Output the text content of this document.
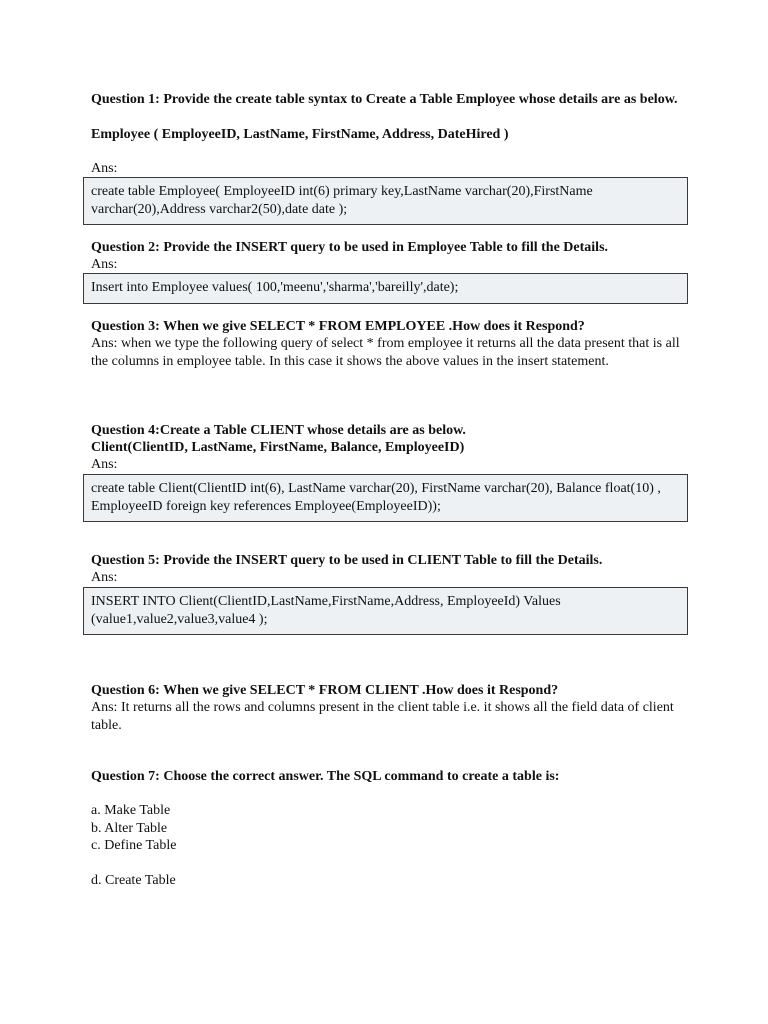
Question 1: Provide the create table syntax to Create a Table Employee whose details are as below.

Employee ( EmployeeID, LastName, FirstName, Address, DateHired )

Ans:

create table Employee( EmployeeID int(6) primary key,LastName varchar(20),FirstName varchar(20),Address varchar2(50),date date );

Question 2: Provide the INSERT query to be used in Employee Table to fill the Details.

Ans:

Insert into Employee values( 100,'meenu','sharma','bareilly',date);

Question 3: When we give SELECT * FROM EMPLOYEE .How does it Respond?

Ans: when we type the following query of select * from employee it returns all the data present that is all the columns in employee table. In this case it shows the above values in the insert statement.

Question 4:Create a Table CLIENT whose details are as below.

Client(ClientID, LastName, FirstName, Balance, EmployeeID)

Ans:

create table Client(ClientID int(6), LastName varchar(20), FirstName varchar(20), Balance float(10) , EmployeeID foreign key references Employee(EmployeeID));

Question 5: Provide the INSERT query to be used in CLIENT Table to fill the Details.

Ans:

INSERT INTO Client(ClientID,LastName,FirstName,Address, EmployeeId) Values (value1,value2,value3,value4 );

Question 6: When we give SELECT * FROM CLIENT .How does it Respond?

Ans: It returns all the rows and columns present in the client table i.e. it shows all the field data of client table.

Question 7: Choose the correct answer. The SQL command to create a table is:

a. Make Table

b. Alter Table

c. Define Table

d. Create Table
